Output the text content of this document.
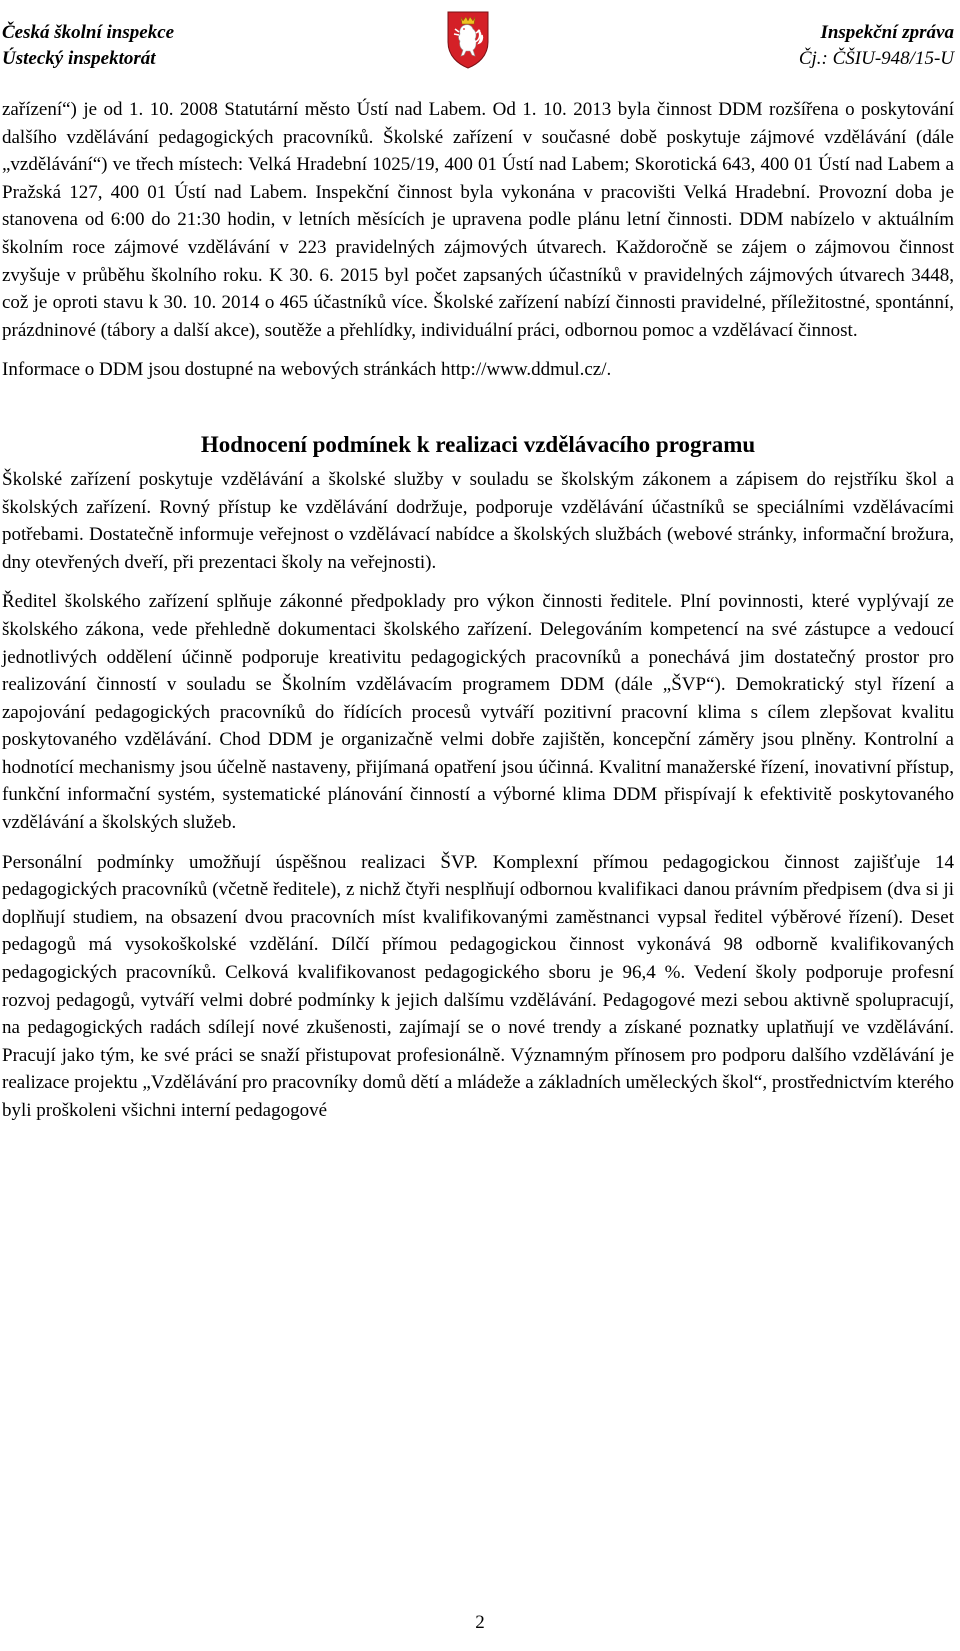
Česká školní inspekce
Ústecký inspektorát
Inspekční zpráva
Čj.: ČŠIU-948/15-U

zařízení“) je od 1. 10. 2008 Statutární město Ústí nad Labem. Od 1. 10. 2013 byla činnost DDM rozšířena o poskytování dalšího vzdělávání pedagogických pracovníků. Školské zařízení v současné době poskytuje zájmové vzdělávání (dále „vzdělávání“) ve třech místech: Velká Hradební 1025/19, 400 01 Ústí nad Labem; Skorotická 643, 400 01 Ústí nad Labem a Pražská 127, 400 01 Ústí nad Labem. Inspekční činnost byla vykonána v pracovišti Velká Hradební. Provozní doba je stanovena od 6:00 do 21:30 hodin, v letních měsících je upravena podle plánu letní činnosti. DDM nabízelo v aktuálním školním roce zájmové vzdělávání v 223 pravidelných zájmových útvarech. Každoročně se zájem o zájmovou činnost zvyšuje v průběhu školního roku. K 30. 6. 2015 byl počet zapsaných účastníků v pravidelných zájmových útvarech 3448, což je oproti stavu k 30. 10. 2014 o 465 účastníků více. Školské zařízení nabízí činnosti pravidelné, příležitostné, spontánní, prázdninové (tábory a další akce), soutěže a přehlídky, individuální práci, odbornou pomoc a vzdělávací činnost.

Informace o DDM jsou dostupné na webových stránkách http://www.ddmul.cz/.

Hodnocení podmínek k realizaci vzdělávacího programu

Školské zařízení poskytuje vzdělávání a školské služby v souladu se školským zákonem a zápisem do rejstříku škol a školských zařízení. Rovný přístup ke vzdělávání dodržuje, podporuje vzdělávání účastníků se speciálními vzdělávacími potřebami. Dostatečně informuje veřejnost o vzdělávací nabídce a školských službách (webové stránky, informační brožura, dny otevřených dveří, při prezentaci školy na veřejnosti).

Ředitel školského zařízení splňuje zákonné předpoklady pro výkon činnosti ředitele. Plní povinnosti, které vyplývají ze školského zákona, vede přehledně dokumentaci školského zařízení. Delegováním kompetencí na své zástupce a vedoucí jednotlivých oddělení účinně podporuje kreativitu pedagogických pracovníků a ponechává jim dostatečný prostor pro realizování činností v souladu se Školním vzdělávacím programem DDM (dále „ŠVP“). Demokratický styl řízení a zapojování pedagogických pracovníků do řídících procesů vytváří pozitivní pracovní klima s cílem zlepšovat kvalitu poskytovaného vzdělávání. Chod DDM je organizačně velmi dobře zajištěn, koncepční záměry jsou plněny. Kontrolní a hodnotící mechanismy jsou účelně nastaveny, přijímaná opatření jsou účinná. Kvalitní manažerské řízení, inovativní přístup, funkční informační systém, systematické plánování činností a výborné klima DDM přispívají k efektivitě poskytovaného vzdělávání a školských služeb.

Personální podmínky umožňují úspěšnou realizaci ŠVP. Komplexní přímou pedagogickou činnost zajišťuje 14 pedagogických pracovníků (včetně ředitele), z nichž čtyři nesplňují odbornou kvalifikaci danou právním předpisem (dva si ji doplňují studiem, na obsazení dvou pracovních míst kvalifikovanými zaměstnanci vypsal ředitel výběrové řízení). Deset pedagogů má vysokoškolské vzdělání. Dílčí přímou pedagogickou činnost vykonává 98 odborně kvalifikovaných pedagogických pracovníků. Celková kvalifikovanost pedagogického sboru je 96,4 %. Vedení školy podporuje profesní rozvoj pedagogů, vytváří velmi dobré podmínky k jejich dalšímu vzdělávání. Pedagogové mezi sebou aktivně spolupracují, na pedagogických radách sdílejí nové zkušenosti, zajímají se o nové trendy a získané poznatky uplatňují ve vzdělávání. Pracují jako tým, ke své práci se snaží přistupovat profesionálně. Významným přínosem pro podporu dalšího vzdělávání je realizace projektu „Vzdělávání pro pracovníky domů dětí a mládeže a základních uměleckých škol“, prostřednictvím kterého byli proškoleni všichni interní pedagogové

2
